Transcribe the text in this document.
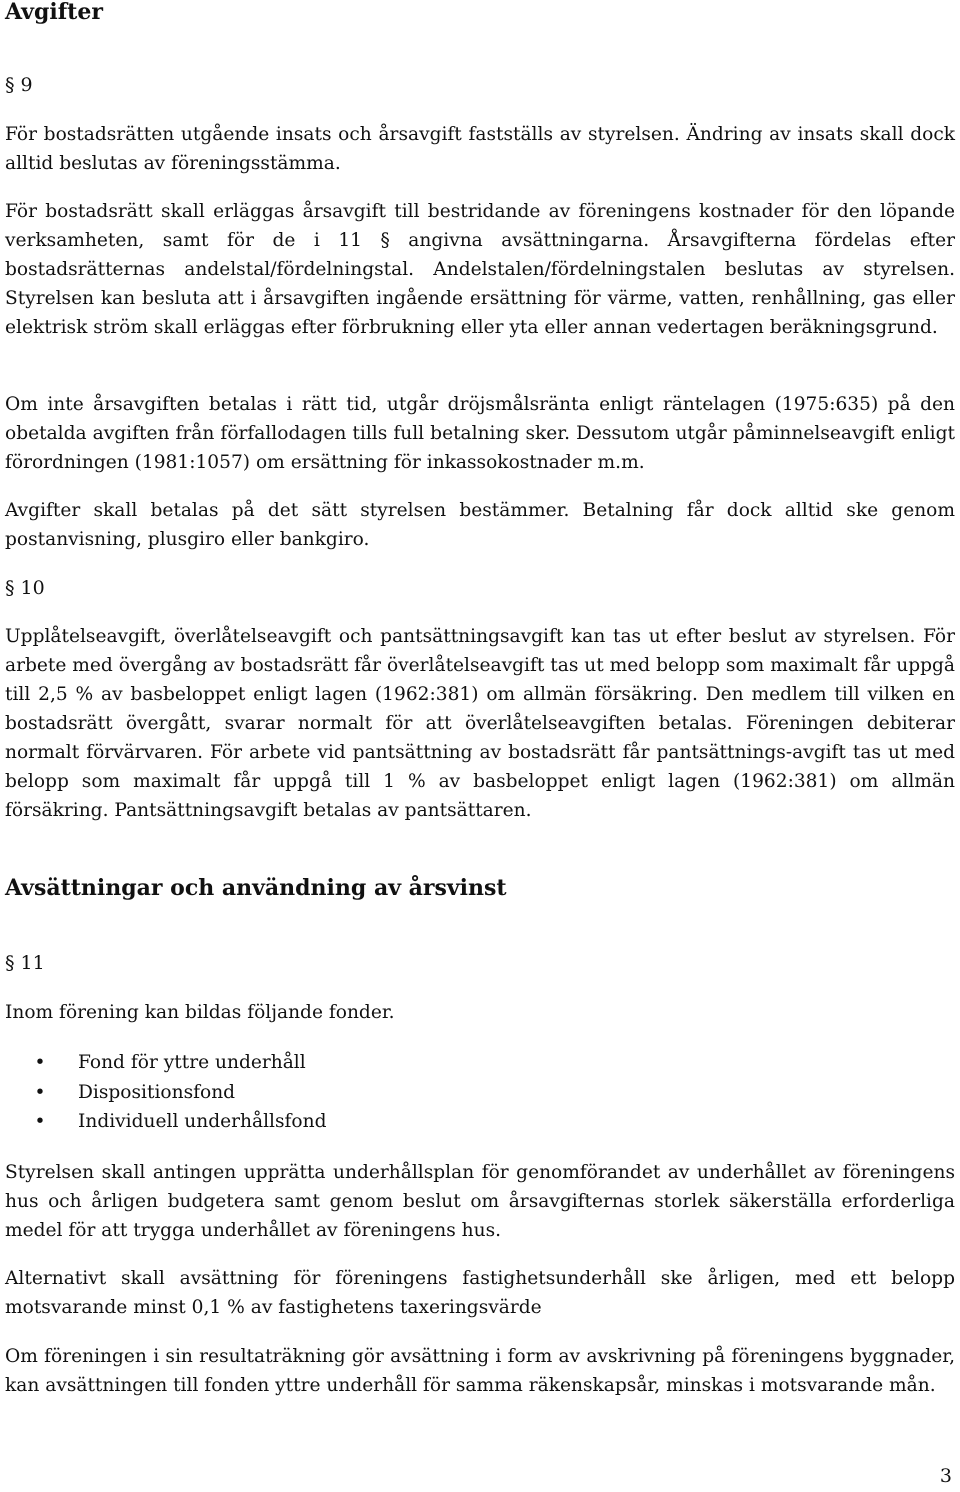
Avgifter
§ 9

För bostadsrätten utgående insats och årsavgift fastställs av styrelsen. Ändring av insats skall dock alltid beslutas av föreningsstämma.

För bostadsrätt skall erläggas årsavgift till bestridande av föreningens kostnader för den löpande verksamheten, samt för de i 11 § angivna avsättningarna. Årsavgifterna fördelas efter bostadsrätternas andelstal/fördelningstal. Andelstalen/fördelningstalen beslutas av styrelsen. Styrelsen kan besluta att i årsavgiften ingående ersättning för värme, vatten, renhållning, gas eller elektrisk ström skall erläggas efter förbrukning eller yta eller annan vedertagen beräkningsgrund.

Om inte årsavgiften betalas i rätt tid, utgår dröjsmålsränta enligt räntelagen (1975:635) på den obetalda avgiften från förfallodagen tills full betalning sker. Dessutom utgår påminnelseavgift enligt förordningen (1981:1057) om ersättning för inkassokostnader m.m.

Avgifter skall betalas på det sätt styrelsen bestämmer. Betalning får dock alltid ske genom postanvisning, plusgiro eller bankgiro.

§ 10

Upplåtelseavgift, överlåtelseavgift och pantsättningsavgift kan tas ut efter beslut av styrelsen. För arbete med övergång av bostadsrätt får överlåtelseavgift tas ut med belopp som maximalt får uppgå till 2,5 % av basbeloppet enligt lagen (1962:381) om allmän försäkring. Den medlem till vilken en bostadsrätt övergått, svarar normalt för att överlåtelseavgiften betalas. Föreningen debiterar normalt förvärvaren. För arbete vid pantsättning av bostadsrätt får pantsättnings-avgift tas ut med belopp som maximalt får uppgå till 1 % av basbeloppet enligt lagen (1962:381) om allmän försäkring. Pantsättningsavgift betalas av pantsättaren.

Avsättningar och användning av årsvinst
§ 11

Inom förening kan bildas följande fonder.

• Fond för yttre underhåll
• Dispositionsfond
• Individuell underhållsfond

Styrelsen skall antingen upprätta underhållsplan för genomförandet av underhållet av föreningens hus och årligen budgetera samt genom beslut om årsavgifternas storlek säkerställa erforderliga medel för att trygga underhållet av föreningens hus.

Alternativt skall avsättning för föreningens fastighetsunderhåll ske årligen, med ett belopp motsvarande minst 0,1 % av fastighetens taxeringsvärde

Om föreningen i sin resultaträkning gör avsättning i form av avskrivning på föreningens byggnader, kan avsättningen till fonden yttre underhåll för samma räkenskapsår, minskas i motsvarande mån.

3
